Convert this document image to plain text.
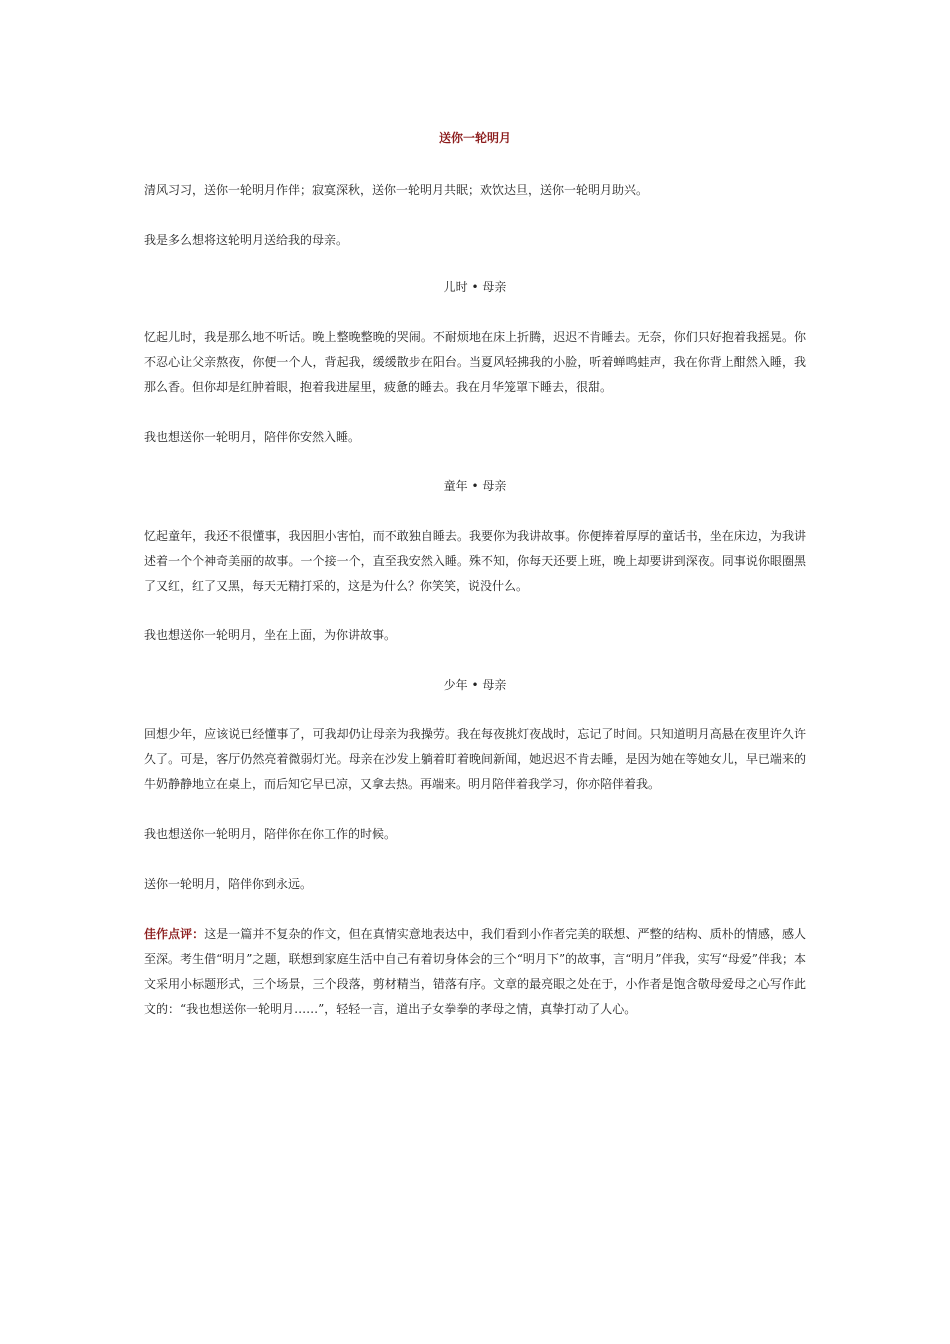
送你一轮明月

清风习习，送你一轮明月作伴；寂寞深秋，送你一轮明月共眠；欢饮达旦，送你一轮明月助兴。

我是多么想将这轮明月送给我的母亲。

儿时 • 母亲

忆起儿时，我是那么地不听话。晚上整晚整晚的哭闹。不耐烦地在床上折腾，迟迟不肯睡去。无奈，你们只好抱着我摇晃。你不忍心让父亲熬夜，你便一个人，背起我，缓缓散步在阳台。当夏风轻拂我的小脸，听着蝉鸣蛙声，我在你背上酣然入睡，我那么香。但你却是红肿着眼，抱着我进屋里，疲惫的睡去。我在月华笼罩下睡去，很甜。

我也想送你一轮明月，陪伴你安然入睡。

童年 • 母亲

忆起童年，我还不很懂事，我因胆小害怕，而不敢独自睡去。我要你为我讲故事。你便捧着厚厚的童话书，坐在床边，为我讲述着一个个神奇美丽的故事。一个接一个，直至我安然入睡。殊不知，你每天还要上班，晚上却要讲到深夜。同事说你眼圈黑了又红，红了又黑，每天无精打采的，这是为什么？你笑笑，说没什么。

我也想送你一轮明月，坐在上面，为你讲故事。

少年 • 母亲

回想少年，应该说已经懂事了，可我却仍让母亲为我操劳。我在每夜挑灯夜战时，忘记了时间。只知道明月高悬在夜里许久许久了。可是，客厅仍然亮着微弱灯光。母亲在沙发上躺着盯着晚间新闻，她迟迟不肯去睡，是因为她在等她女儿，早已端来的牛奶静静地立在桌上，而后知它早已凉，又拿去热。再端来。明月陪伴着我学习，你亦陪伴着我。

我也想送你一轮明月，陪伴你在你工作的时候。

送你一轮明月，陪伴你到永远。

佳作点评：这是一篇并不复杂的作文，但在真情实意地表达中，我们看到小作者完美的联想、严整的结构、质朴的情感，感人至深。考生借“明月”之题，联想到家庭生活中自己有着切身体会的三个“明月下”的故事，言“明月”伴我，实写“母爱”伴我；本文采用小标题形式，三个场景，三个段落，剪材精当，错落有序。文章的最亮眼之处在于，小作者是饱含敬母爱母之心写作此文的：“我也想送你一轮明月……”，轻轻一言，道出子女拳拳的孝母之情，真挚打动了人心。
